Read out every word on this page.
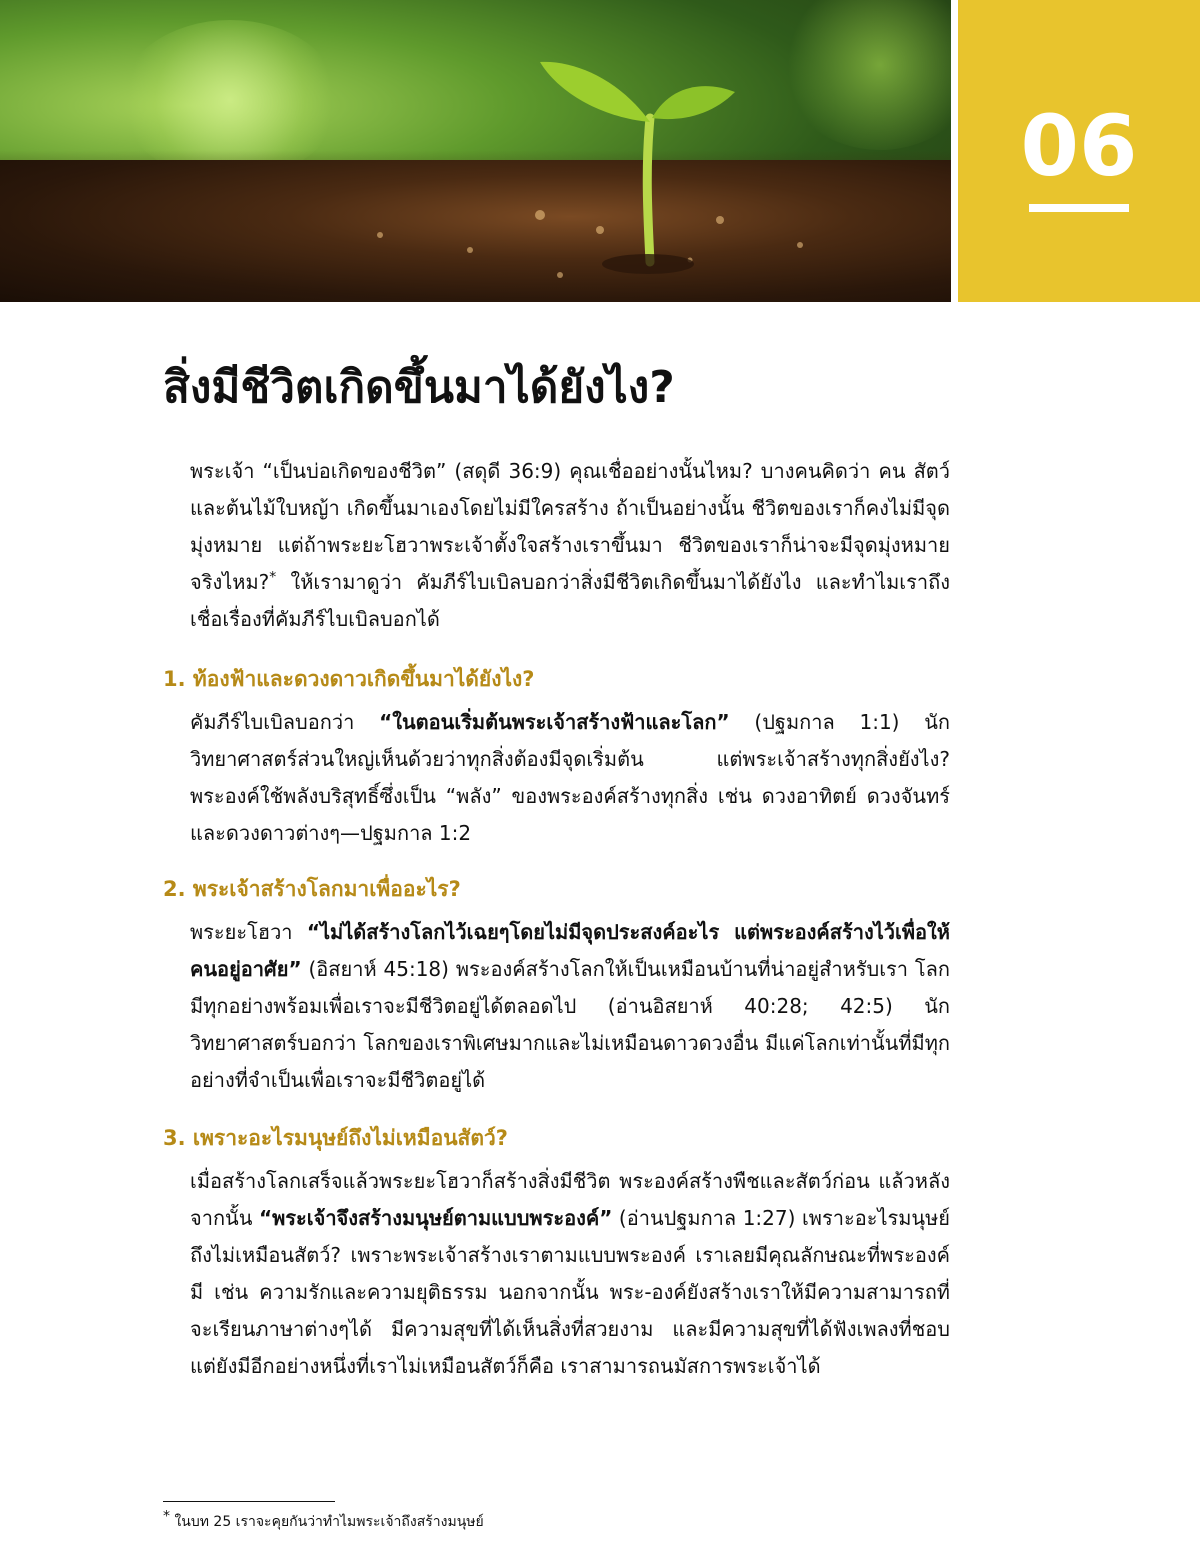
06
สิ่งมีชีวิตเกิดขึ้นมาได้ยังไง?

พระเจ้า “เป็นบ่อเกิดของชีวิต” (สดุดี 36:9) คุณเชื่ออย่างนั้นไหม? บางคนคิดว่า คน สัตว์ และต้นไม้ใบหญ้า เกิดขึ้นมาเองโดยไม่มีใครสร้าง ถ้าเป็นอย่างนั้น ชีวิตของเราก็คงไม่มีจุดมุ่งหมาย แต่ถ้าพระยะโฮวาพระเจ้าตั้งใจสร้างเราขึ้นมา ชีวิตของเราก็น่าจะมีจุดมุ่งหมาย จริงไหม?* ให้เรามาดูว่า คัมภีร์ไบเบิลบอกว่าสิ่งมีชีวิตเกิดขึ้นมาได้ยังไง และทำไมเราถึงเชื่อเรื่องที่คัมภีร์ไบเบิลบอกได้

1. ท้องฟ้าและดวงดาวเกิดขึ้นมาได้ยังไง?

คัมภีร์ไบเบิลบอกว่า “ในตอนเริ่มต้นพระเจ้าสร้างฟ้าและโลก” (ปฐมกาล 1:1) นักวิทยาศาสตร์ส่วนใหญ่เห็นด้วยว่าทุกสิ่งต้องมีจุดเริ่มต้น แต่พระเจ้าสร้างทุกสิ่งยังไง? พระองค์ใช้พลังบริสุทธิ์ซึ่งเป็น “พลัง” ของพระองค์สร้างทุกสิ่ง เช่น ดวงอาทิตย์ ดวงจันทร์ และดวงดาวต่างๆ—ปฐมกาล 1:2

2. พระเจ้าสร้างโลกมาเพื่ออะไร?

พระยะโฮวา “ไม่ได้สร้างโลกไว้เฉยๆโดยไม่มีจุดประสงค์อะไร แต่พระองค์สร้างไว้เพื่อให้คนอยู่อาศัย” (อิสยาห์ 45:18) พระองค์สร้างโลกให้เป็นเหมือนบ้านที่น่าอยู่สำหรับเรา โลกมีทุกอย่างพร้อมเพื่อเราจะมีชีวิตอยู่ได้ตลอดไป (อ่านอิสยาห์ 40:28; 42:5) นักวิทยาศาสตร์บอกว่า โลกของเราพิเศษมากและไม่เหมือนดาวดวงอื่น มีแค่โลกเท่านั้นที่มีทุกอย่างที่จำเป็นเพื่อเราจะมีชีวิตอยู่ได้

3. เพราะอะไรมนุษย์ถึงไม่เหมือนสัตว์?

เมื่อสร้างโลกเสร็จแล้วพระยะโฮวาก็สร้างสิ่งมีชีวิต พระองค์สร้างพืชและสัตว์ก่อน แล้วหลังจากนั้น “พระเจ้าจึงสร้างมนุษย์ตามแบบพระองค์” (อ่านปฐมกาล 1:27) เพราะอะไรมนุษย์ถึงไม่เหมือนสัตว์? เพราะพระเจ้าสร้างเราตามแบบพระองค์ เราเลยมีคุณลักษณะที่พระองค์มี เช่น ความรักและความยุติธรรม นอกจากนั้น พระ-องค์ยังสร้างเราให้มีความสามารถที่จะเรียนภาษาต่างๆได้ มีความสุขที่ได้เห็นสิ่งที่สวยงาม และมีความสุขที่ได้ฟังเพลงที่ชอบ แต่ยังมีอีกอย่างหนึ่งที่เราไม่เหมือนสัตว์ก็คือ เราสามารถนมัสการพระเจ้าได้

* ในบท 25 เราจะคุยกันว่าทำไมพระเจ้าถึงสร้างมนุษย์
